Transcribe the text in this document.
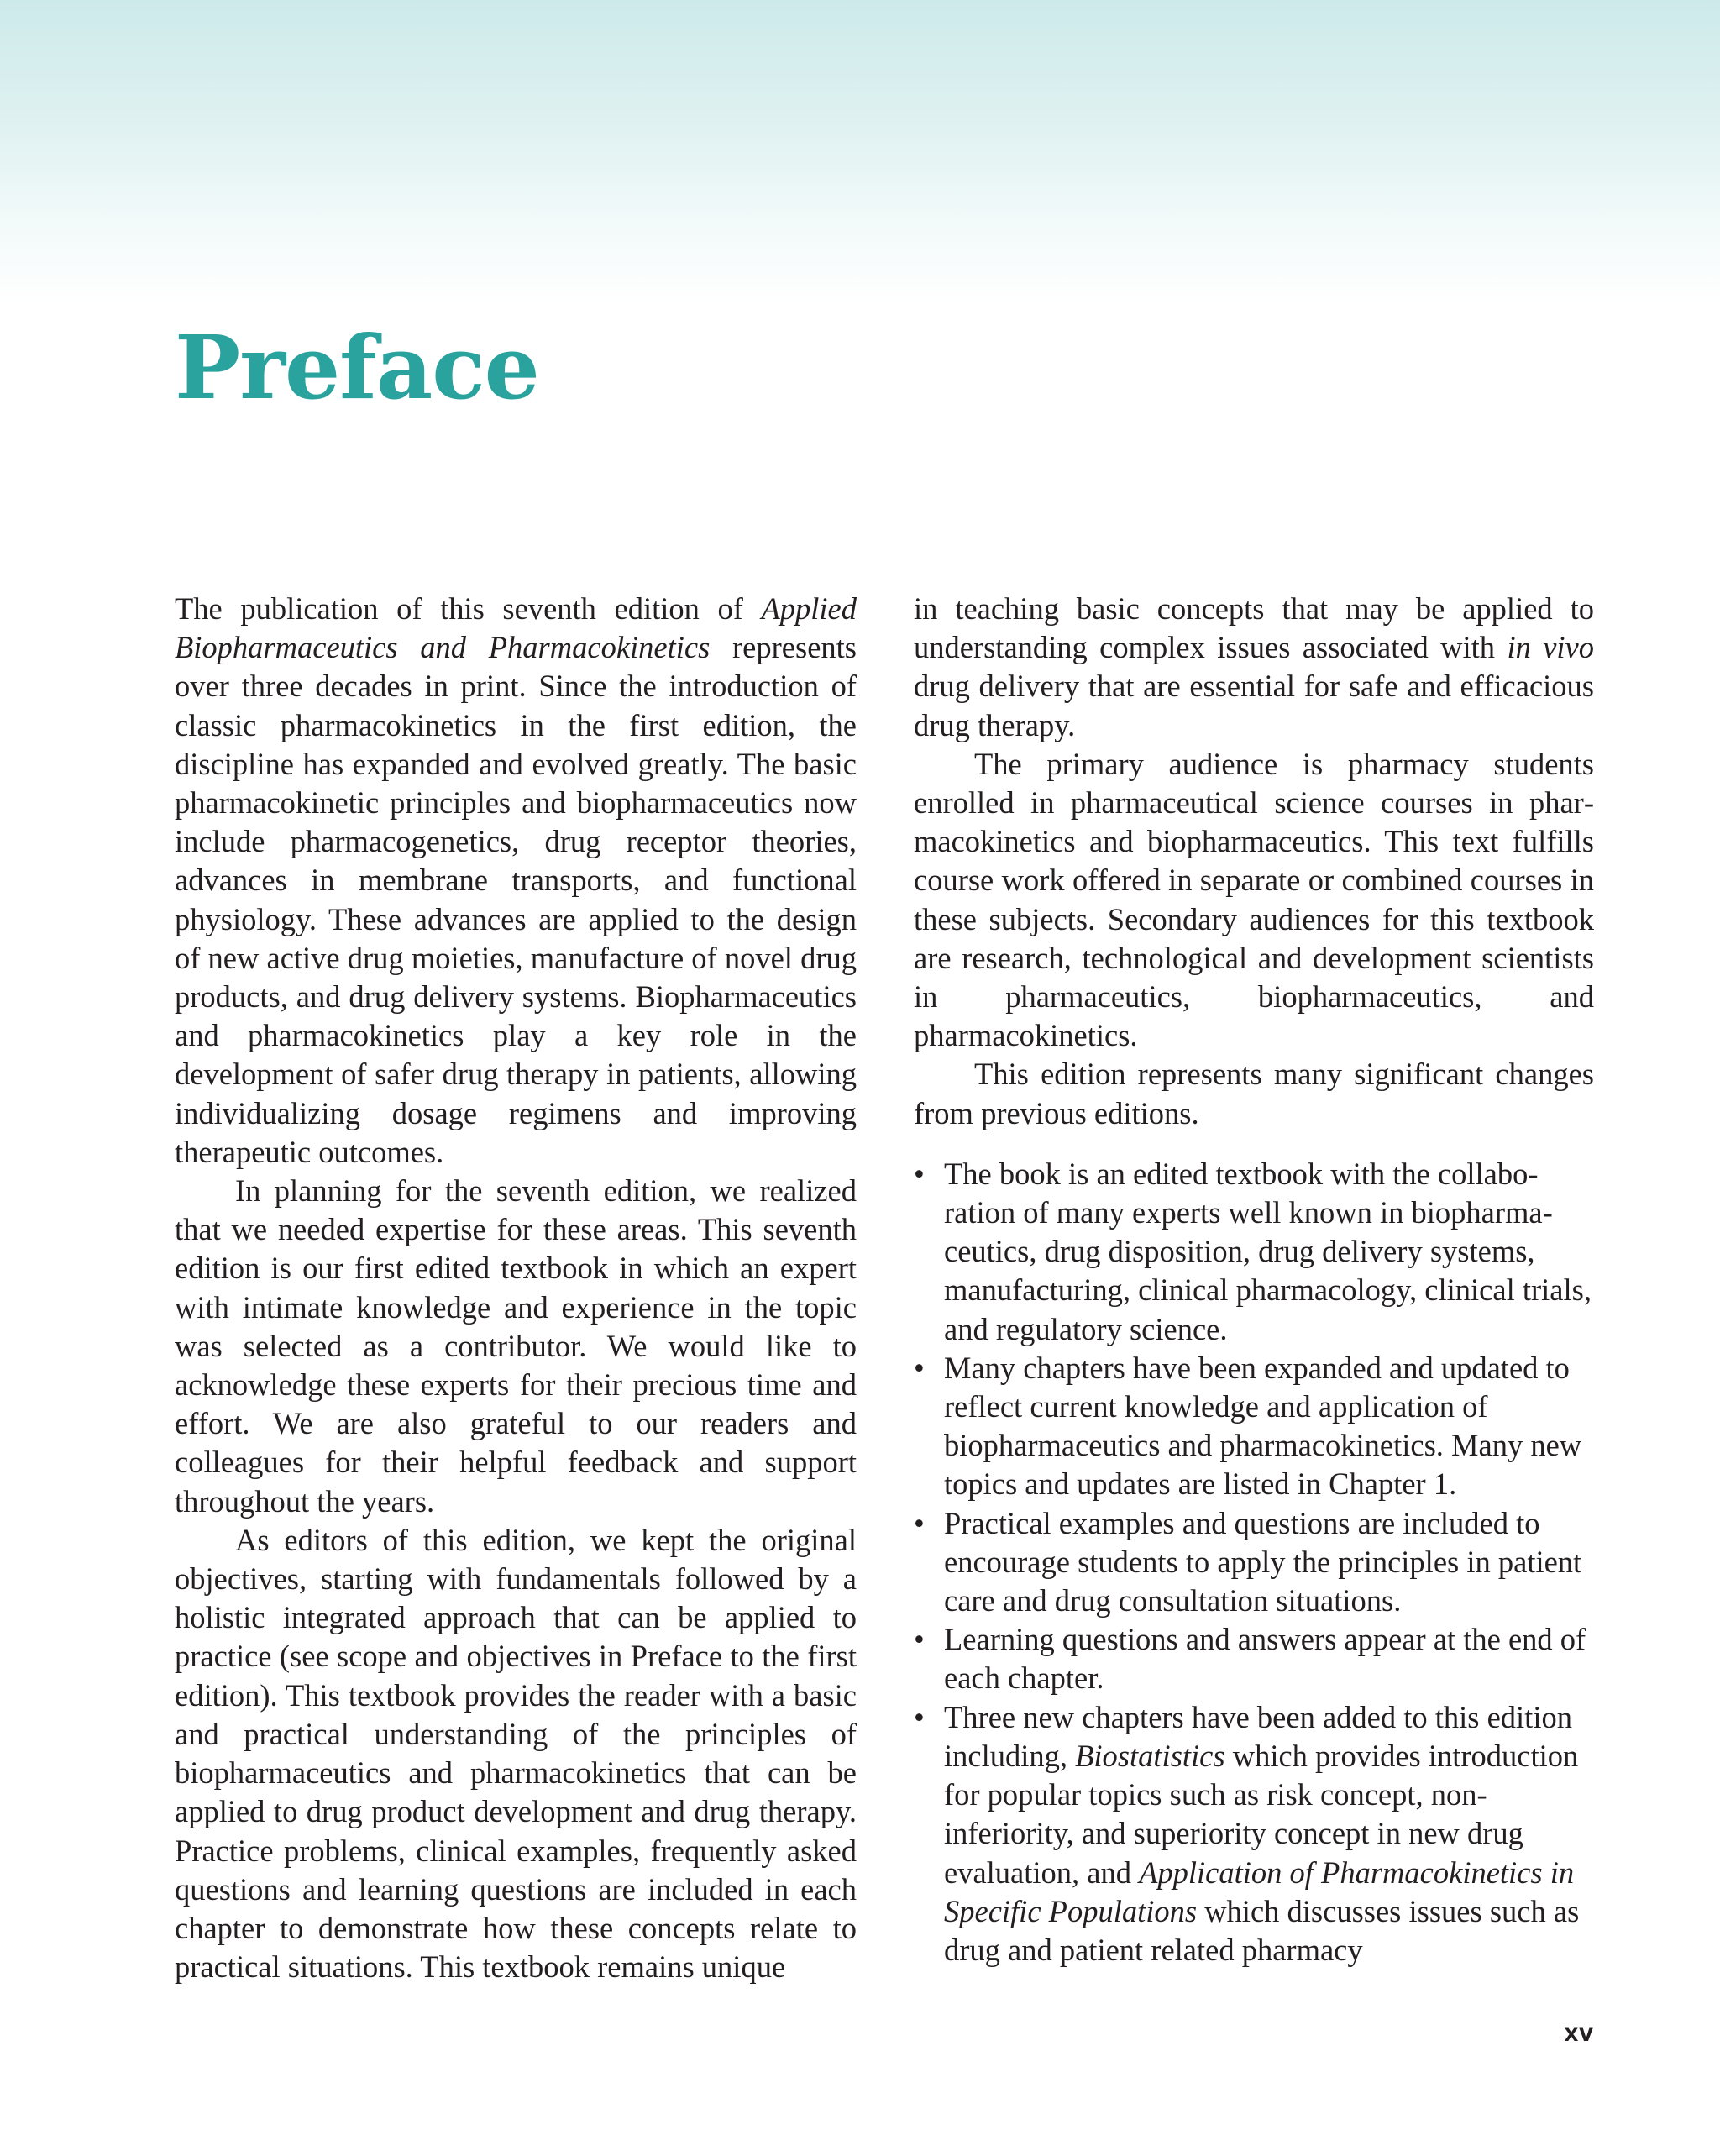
Preface

The publication of this seventh edition of Applied Biopharmaceutics and Pharmacokinetics represents over three decades in print. Since the introduction of classic pharmacokinetics in the first edition, the discipline has expanded and evolved greatly. The basic pharmacokinetic principles and biopharmaceutics now include pharmacogenetics, drug receptor theories, advances in membrane transports, and functional physiology. These advances are applied to the design of new active drug moieties, manufacture of novel drug products, and drug delivery systems. Biopharmaceutics and pharmacokinetics play a key role in the development of safer drug therapy in patients, allowing individualizing dosage regimens and improving therapeutic outcomes.

In planning for the seventh edition, we realized that we needed expertise for these areas. This seventh edition is our first edited textbook in which an expert with intimate knowledge and experience in the topic was selected as a contributor. We would like to acknowledge these experts for their precious time and effort. We are also grateful to our readers and colleagues for their helpful feedback and support throughout the years.

As editors of this edition, we kept the original objectives, starting with fundamentals followed by a holistic integrated approach that can be applied to practice (see scope and objectives in Preface to the first edition). This textbook provides the reader with a basic and practical understanding of the principles of biopharmaceutics and pharmacokinetics that can be applied to drug product development and drug therapy. Practice problems, clinical examples, frequently asked questions and learning questions are included in each chapter to demonstrate how these concepts relate to practical situations. This textbook remains unique

in teaching basic concepts that may be applied to understanding complex issues associated with in vivo drug delivery that are essential for safe and efficacious drug therapy.

The primary audience is pharmacy students enrolled in pharmaceutical science courses in pharmacokinetics and biopharmaceutics. This text fulfills course work offered in separate or combined courses in these subjects. Secondary audiences for this textbook are research, technological and development scientists in pharmaceutics, biopharmaceutics, and pharmacokinetics.

This edition represents many significant changes from previous editions.

• The book is an edited textbook with the collaboration of many experts well known in biopharmaceutics, drug disposition, drug delivery systems, manufacturing, clinical pharmacology, clinical trials, and regulatory science.
• Many chapters have been expanded and updated to reflect current knowledge and application of biopharmaceutics and pharmacokinetics. Many new topics and updates are listed in Chapter 1.
• Practical examples and questions are included to encourage students to apply the principles in patient care and drug consultation situations.
• Learning questions and answers appear at the end of each chapter.
• Three new chapters have been added to this edition including, Biostatistics which provides introduction for popular topics such as risk concept, non-inferiority, and superiority concept in new drug evaluation, and Application of Pharmacokinetics in Specific Populations which discusses issues such as drug and patient related pharmacy
xv
